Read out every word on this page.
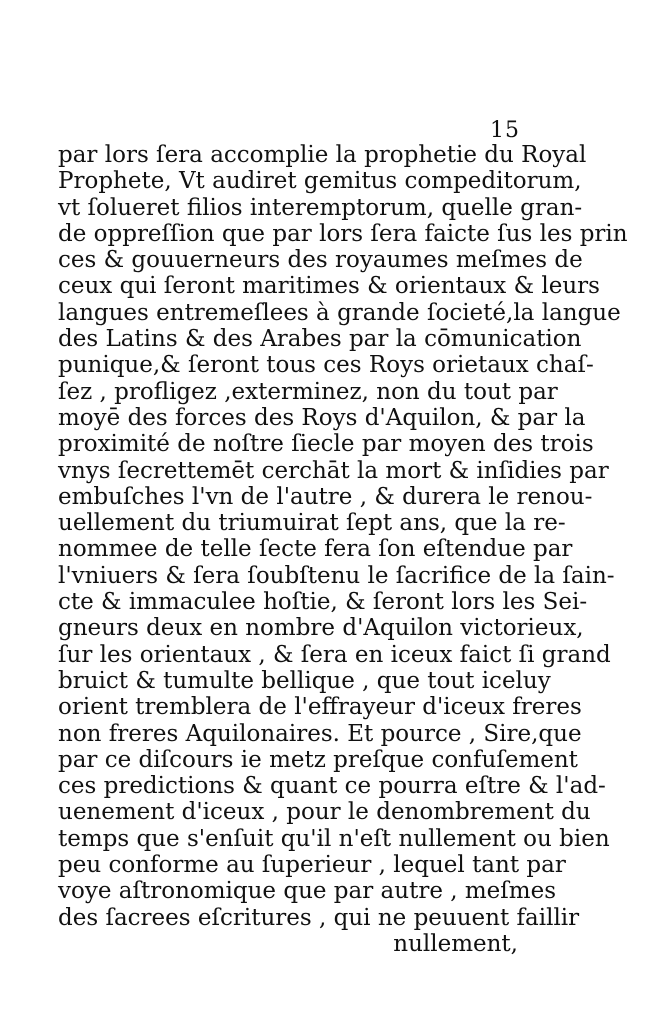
15
par lors ſera accomplie la prophetie du Royal
Prophete, Vt audiret gemitus compeditorum,
vt ſolueret filios interemptorum, quelle gran-
de oppreſſion que par lors ſera faicte ſus les prin
ces & gouuerneurs des royaumes meſmes de
ceux qui ſeront maritimes & orientaux & leurs
langues entremeſlees à grande ſocieté,la langue
des Latins & des Arabes par la cōmunication
punique,& ſeront tous ces Roys orietaux chaſ-
ſez , profligez ,exterminez, non du tout par
moyē des forces des Roys d'Aquilon, & par la
proximité de noſtre ſiecle par moyen des trois
vnys ſecrettemēt cerchāt la mort & inſidies par
embuſches l'vn de l'autre , & durera le renou-
uellement du triumuirat ſept ans, que la re-
nommee de telle ſecte fera ſon eſtendue par
l'vniuers & ſera ſoubſtenu le ſacrifice de la ſain-
cte & immaculee hoſtie, & ſeront lors les Sei-
gneurs deux en nombre d'Aquilon victorieux,
ſur les orientaux , & ſera en iceux faict ſi grand
bruict & tumulte bellique , que tout iceluy
orient tremblera de l'effrayeur d'iceux freres
non freres Aquilonaires. Et pource , Sire,que
par ce diſcours ie metz preſque confuſement
ces predictions & quant ce pourra eſtre & l'ad-
uenement d'iceux , pour le denombrement du
temps que s'enſuit qu'il n'eſt nullement ou bien
peu conforme au ſuperieur , lequel tant par
voye aſtronomique que par autre , meſmes
des ſacrees eſcritures , qui ne peuuent faillir
nullement,
